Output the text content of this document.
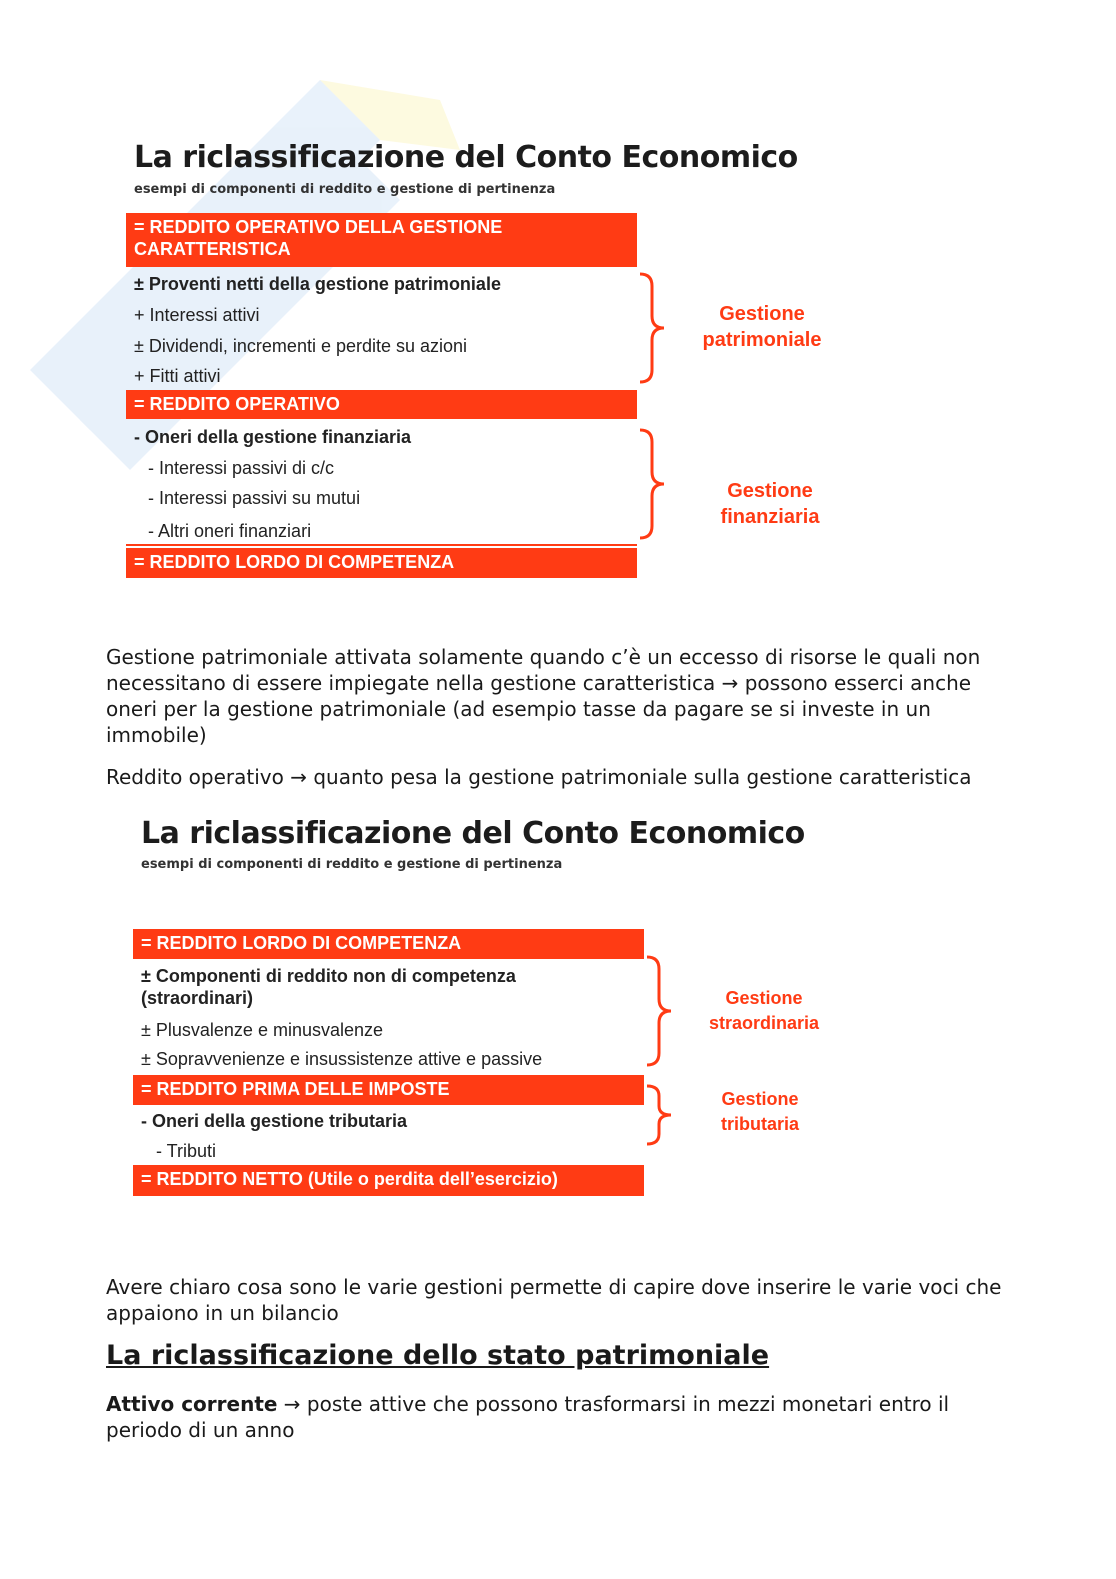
La riclassificazione del Conto Economico
esempi di componenti di reddito e gestione di pertinenza
= REDDITO OPERATIVO DELLA GESTIONE
CARATTERISTICA
± Proventi netti della gestione patrimoniale
+ Interessi attivi
± Dividendi, incrementi e perdite su azioni
+ Fitti attivi
= REDDITO OPERATIVO
- Oneri della gestione finanziaria
- Interessi passivi di c/c
- Interessi passivi su mutui
- Altri oneri finanziari
= REDDITO LORDO DI COMPETENZA
Gestione
patrimoniale
Gestione
finanziaria
Gestione patrimoniale attivata solamente quando c’è un eccesso di risorse le quali non necessitano di essere impiegate nella gestione caratteristica → possono esserci anche oneri per la gestione patrimoniale (ad esempio tasse da pagare se si investe in un immobile)
Reddito operativo → quanto pesa la gestione patrimoniale sulla gestione caratteristica
La riclassificazione del Conto Economico
esempi di componenti di reddito e gestione di pertinenza
= REDDITO LORDO DI COMPETENZA
± Componenti di reddito non di competenza (straordinari)
± Plusvalenze e minusvalenze
± Sopravvenienze e insussistenze attive e passive
= REDDITO PRIMA DELLE IMPOSTE
- Oneri della gestione tributaria
- Tributi
= REDDITO NETTO (Utile o perdita dell’esercizio)
Gestione
straordinaria
Gestione
tributaria
Avere chiaro cosa sono le varie gestioni permette di capire dove inserire le varie voci che appaiono in un bilancio
La riclassificazione dello stato patrimoniale
Attivo corrente → poste attive che possono trasformarsi in mezzi monetari entro il periodo di un anno
